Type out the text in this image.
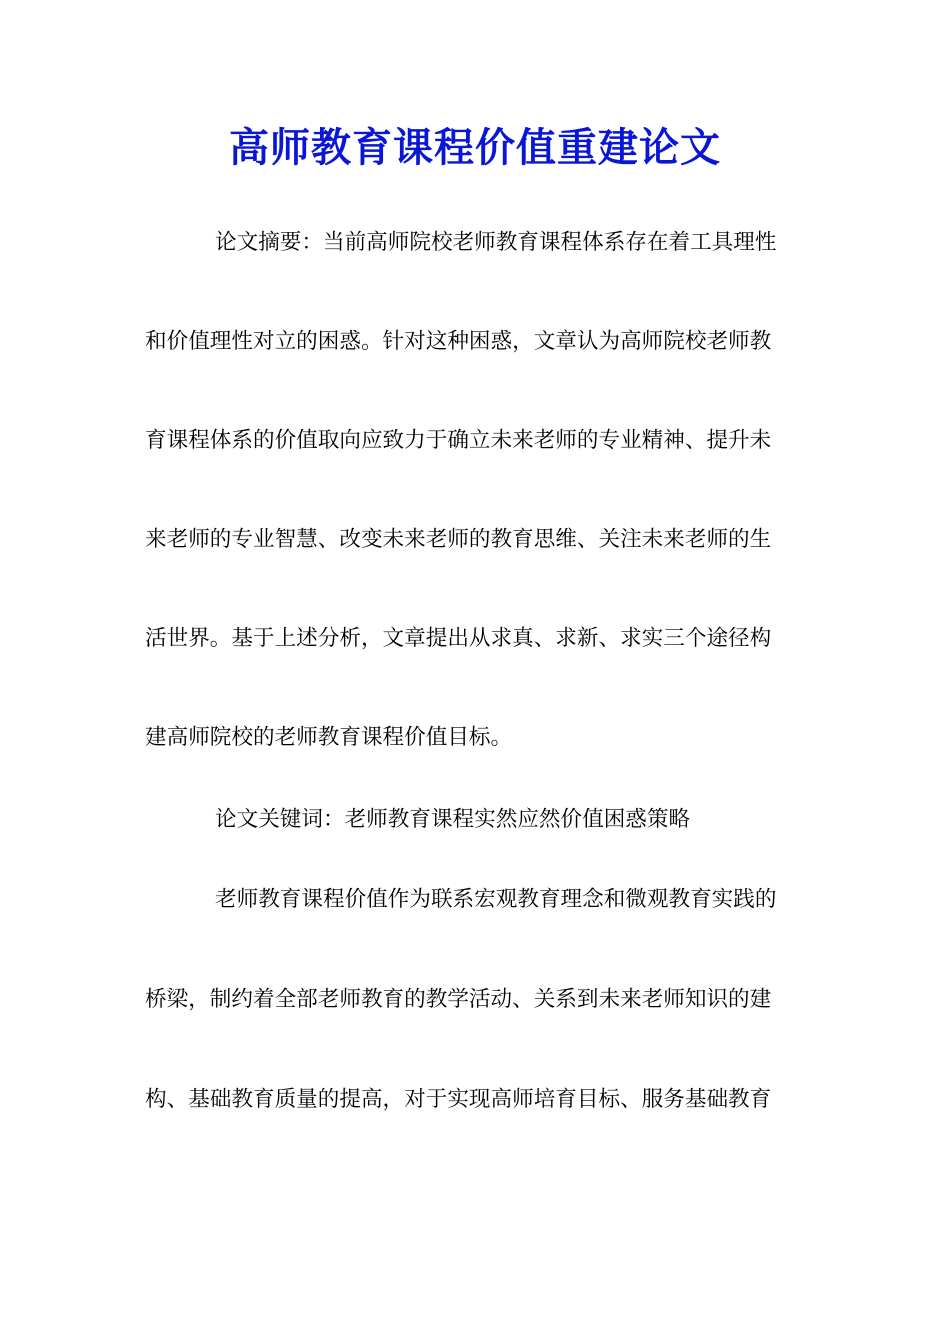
高师教育课程价值重建论文
论文摘要：当前高师院校老师教育课程体系存在着工具理性
和价值理性对立的困惑。针对这种困惑，文章认为高师院校老师教
育课程体系的价值取向应致力于确立未来老师的专业精神、提升未
来老师的专业智慧、改变未来老师的教育思维、关注未来老师的生
活世界。基于上述分析，文章提出从求真、求新、求实三个途径构
建高师院校的老师教育课程价值目标。
论文关键词：老师教育课程实然应然价值困惑策略
老师教育课程价值作为联系宏观教育理念和微观教育实践的
桥梁，制约着全部老师教育的教学活动、关系到未来老师知识的建
构、基础教育质量的提高，对于实现高师培育目标、服务基础教育
